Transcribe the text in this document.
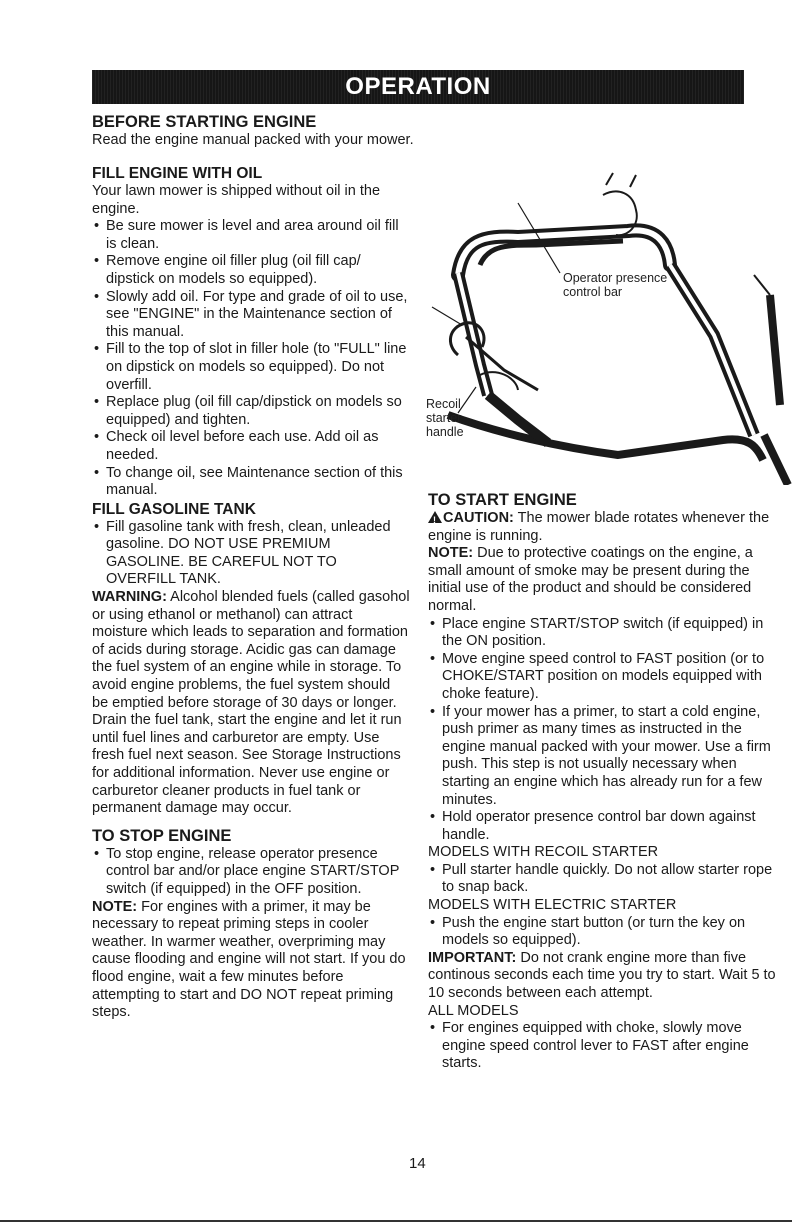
OPERATION
BEFORE STARTING ENGINE

Read the engine manual packed with your mower.

FILL ENGINE WITH OIL

Your lawn mower is shipped without oil in the engine.

• Be sure mower is level and area around oil fill is clean.
• Remove engine oil filler plug (oil fill cap/ dipstick on models so equipped).
• Slowly add oil. For type and grade of oil to use, see "ENGINE" in the Maintenance section of this manual.
• Fill to the top of slot in filler hole (to "FULL" line on dipstick on models so equipped). Do not overfill.
• Replace plug (oil fill cap/dipstick on models so equipped) and tighten.
• Check oil level before each use. Add oil as needed.
• To change oil, see Maintenance section of this manual.
FILL GASOLINE TANK
• Fill gasoline tank with fresh, clean, unleaded gasoline. DO NOT USE PREMIUM GASOLINE. BE CAREFUL NOT TO OVERFILL TANK.

WARNING: Alcohol blended fuels (called gasohol or using ethanol or methanol) can attract moisture which leads to separation and formation of acids during storage. Acidic gas can damage the fuel system of an engine while in storage. To avoid engine problems, the fuel system should be emptied before storage of 30 days or longer. Drain the fuel tank, start the engine and let it run until fuel lines and carburetor are empty. Use fresh fuel next season. See Storage Instructions for additional information. Never use engine or carburetor cleaner products in fuel tank or permanent damage may occur.

TO STOP ENGINE
• To stop engine, release operator presence control bar and/or place engine START/STOP switch (if equipped) in the OFF position.

NOTE: For engines with a primer, it may be necessary to repeat priming steps in cooler weather. In warmer weather, overpriming may cause flooding and engine will not start. If you do flood engine, wait a few minutes before attempting to start and DO NOT repeat priming steps.

Operator presence control bar
Recoil starter handle
TO START ENGINE

!CAUTION: The mower blade rotates whenever the engine is running.

NOTE: Due to protective coatings on the engine, a small amount of smoke may be present during the initial use of the product and should be considered normal.

• Place engine START/STOP switch (if equipped) in the ON position.
• Move engine speed control to FAST position (or to CHOKE/START position on models equipped with choke feature).
• If your mower has a primer, to start a cold engine, push primer as many times as instructed in the engine manual packed with your mower. Use a firm push. This step is not usually necessary when starting an engine which has already run for a few minutes.
• Hold operator presence control bar down against handle.

MODELS WITH RECOIL STARTER

• Pull starter handle quickly. Do not allow starter rope to snap back.

MODELS WITH ELECTRIC STARTER

• Push the engine start button (or turn the key on models so equipped).

IMPORTANT: Do not crank engine more than five continous seconds each time you try to start. Wait 5 to 10 seconds between each attempt.

ALL MODELS

• For engines equipped with choke, slowly move engine speed control lever to FAST after engine starts.
14
